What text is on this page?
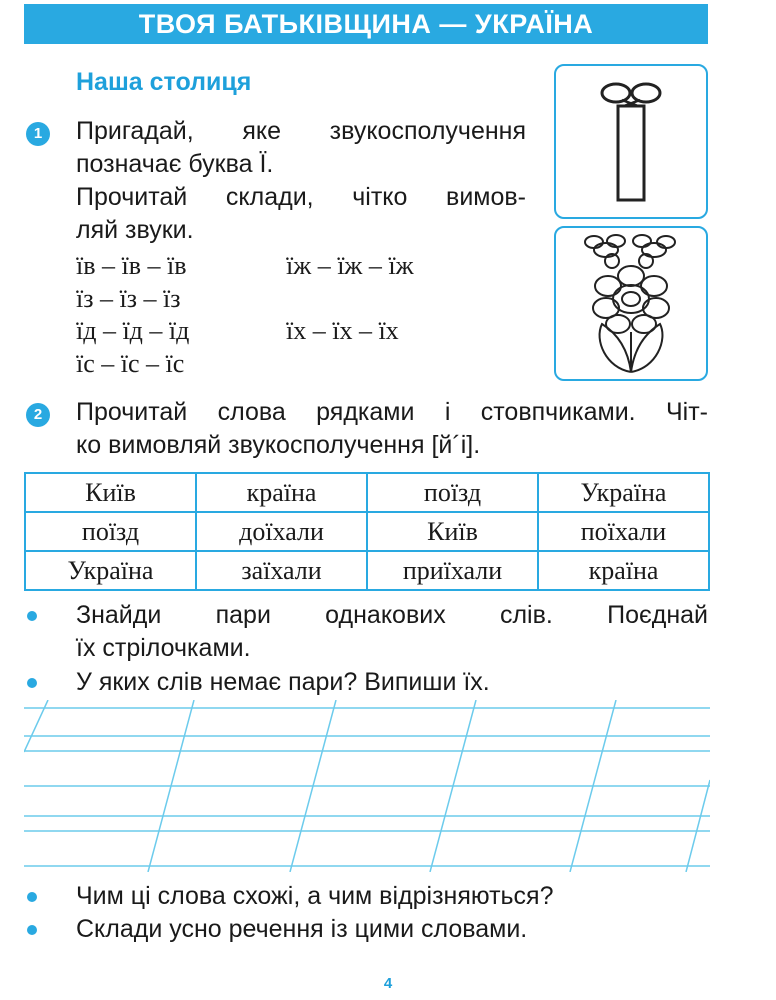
ТВОЯ БАТЬКІВЩИНА — УКРАЇНА
Наша столиця
1	Пригадай, яке звукосполучення

позначає буква Ї.

Прочитай склади, чітко вимов-

ляй звуки.

їв – їв – їв	їж – їж – їж
їз – їз – їз
їд – їд – їд	їх – їх – їх
їс – їс – їс
2	Прочитай слова рядками і стовпчиками. Чіт-

ко вимовляй звукосполучення [й´і].

Київ	країна	поїзд	Україна
поїзд	доїхали	Київ	поїхали
Україна	заїхали	приїхали	країна
Знайди пари однакових слів. Поєднай
їх стрілочками.
У яких слів немає пари? Випиши їх.
Чим ці слова схожі, а чим відрізняються?
Склади усно речення із цими словами.
4
